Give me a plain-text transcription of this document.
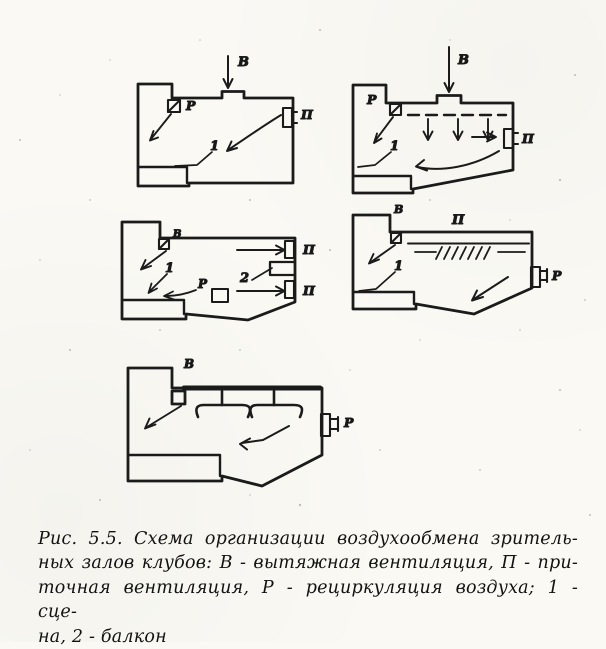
В
Р
П
1
В
Р
П
1
В
1
Р	2
П
П
В
П
Р
1
В
Р
Рис. 5.5. Схема организации воздухообмена зритель-
ных залов клубов: В - вытяжная вентиляция, П - при-
точная вентиляция, Р - рециркуляция воздуха; 1 - сце-
на, 2 - балкон
